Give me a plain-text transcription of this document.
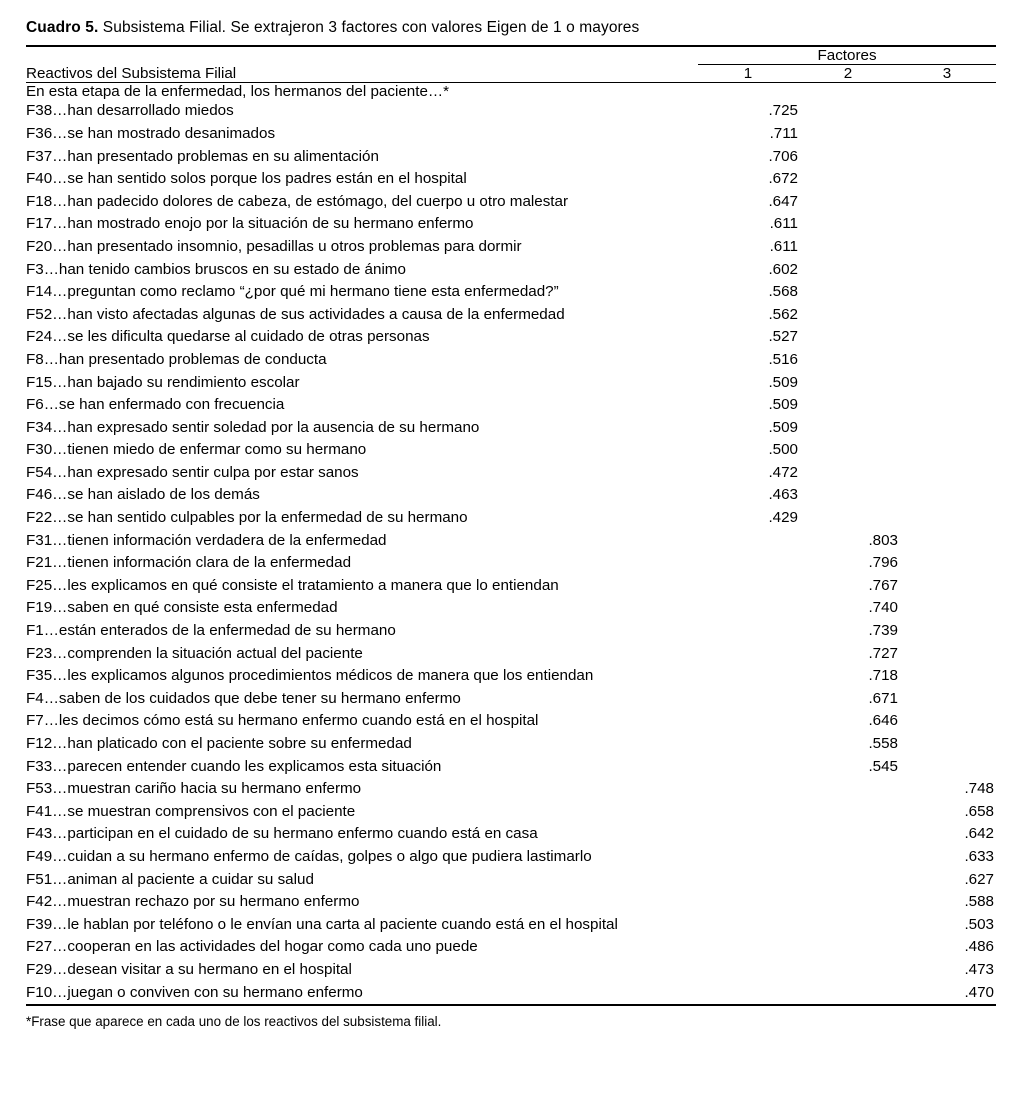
Cuadro 5. Subsistema Filial. Se extrajeron 3 factores con valores Eigen de 1 o mayores
	Factores		

Reactivos del Subsistema Filial	1	2	3
En esta etapa de la enfermedad, los hermanos del paciente…*			
F38…han desarrollado miedos	.725		
F36…se han mostrado desanimados	.711		
F37…han presentado problemas en su alimentación	.706		
F40…se han sentido solos porque los padres están en el hospital	.672		
F18…han padecido dolores de cabeza, de estómago, del cuerpo u otro malestar	.647		
F17…han mostrado enojo por la situación de su hermano enfermo	.611		
F20…han presentado insomnio, pesadillas u otros problemas para dormir	.611		
F3…han tenido cambios bruscos en su estado de ánimo	.602		
F14…preguntan como reclamo “¿por qué mi hermano tiene esta enfermedad?”	.568		
F52…han visto afectadas algunas de sus actividades a causa de la enfermedad	.562		
F24…se les dificulta quedarse al cuidado de otras personas	.527		
F8…han presentado problemas de conducta	.516		
F15…han bajado su rendimiento escolar	.509		
F6…se han enfermado con frecuencia	.509		
F34…han expresado sentir soledad por la ausencia de su hermano	.509		
F30…tienen miedo de enfermar como su hermano	.500		
F54…han expresado sentir culpa por estar sanos	.472		
F46…se han aislado de los demás	.463		
F22…se han sentido culpables por la enfermedad de su hermano	.429		
F31…tienen información verdadera de la enfermedad		.803	
F21…tienen información clara de la enfermedad		.796	
F25…les explicamos en qué consiste el tratamiento a manera que lo entiendan		.767	
F19…saben en qué consiste esta enfermedad		.740	
F1…están enterados de la enfermedad de su hermano		.739	
F23…comprenden la situación actual del paciente		.727	
F35…les explicamos algunos procedimientos médicos de manera que los entiendan		.718	
F4…saben de los cuidados que debe tener su hermano enfermo		.671	
F7…les decimos cómo está su hermano enfermo cuando está en el hospital		.646	
F12…han platicado con el paciente sobre su enfermedad		.558	
F33…parecen entender cuando les explicamos esta situación		.545	
F53…muestran cariño hacia su hermano enfermo			.748
F41…se muestran comprensivos con el paciente			.658
F43…participan en el cuidado de su hermano enfermo cuando está en casa			.642
F49…cuidan a su hermano enfermo de caídas, golpes o algo que pudiera lastimarlo			.633
F51…animan al paciente a cuidar su salud			.627
F42…muestran rechazo por su hermano enfermo			.588
F39…le hablan por teléfono o le envían una carta al paciente cuando está en el hospital			.503
F27…cooperan en las actividades del hogar como cada uno puede			.486
F29…desean visitar a su hermano en el hospital			.473
F10…juegan o conviven con su hermano enfermo			.470
*Frase que aparece en cada uno de los reactivos del subsistema filial.
